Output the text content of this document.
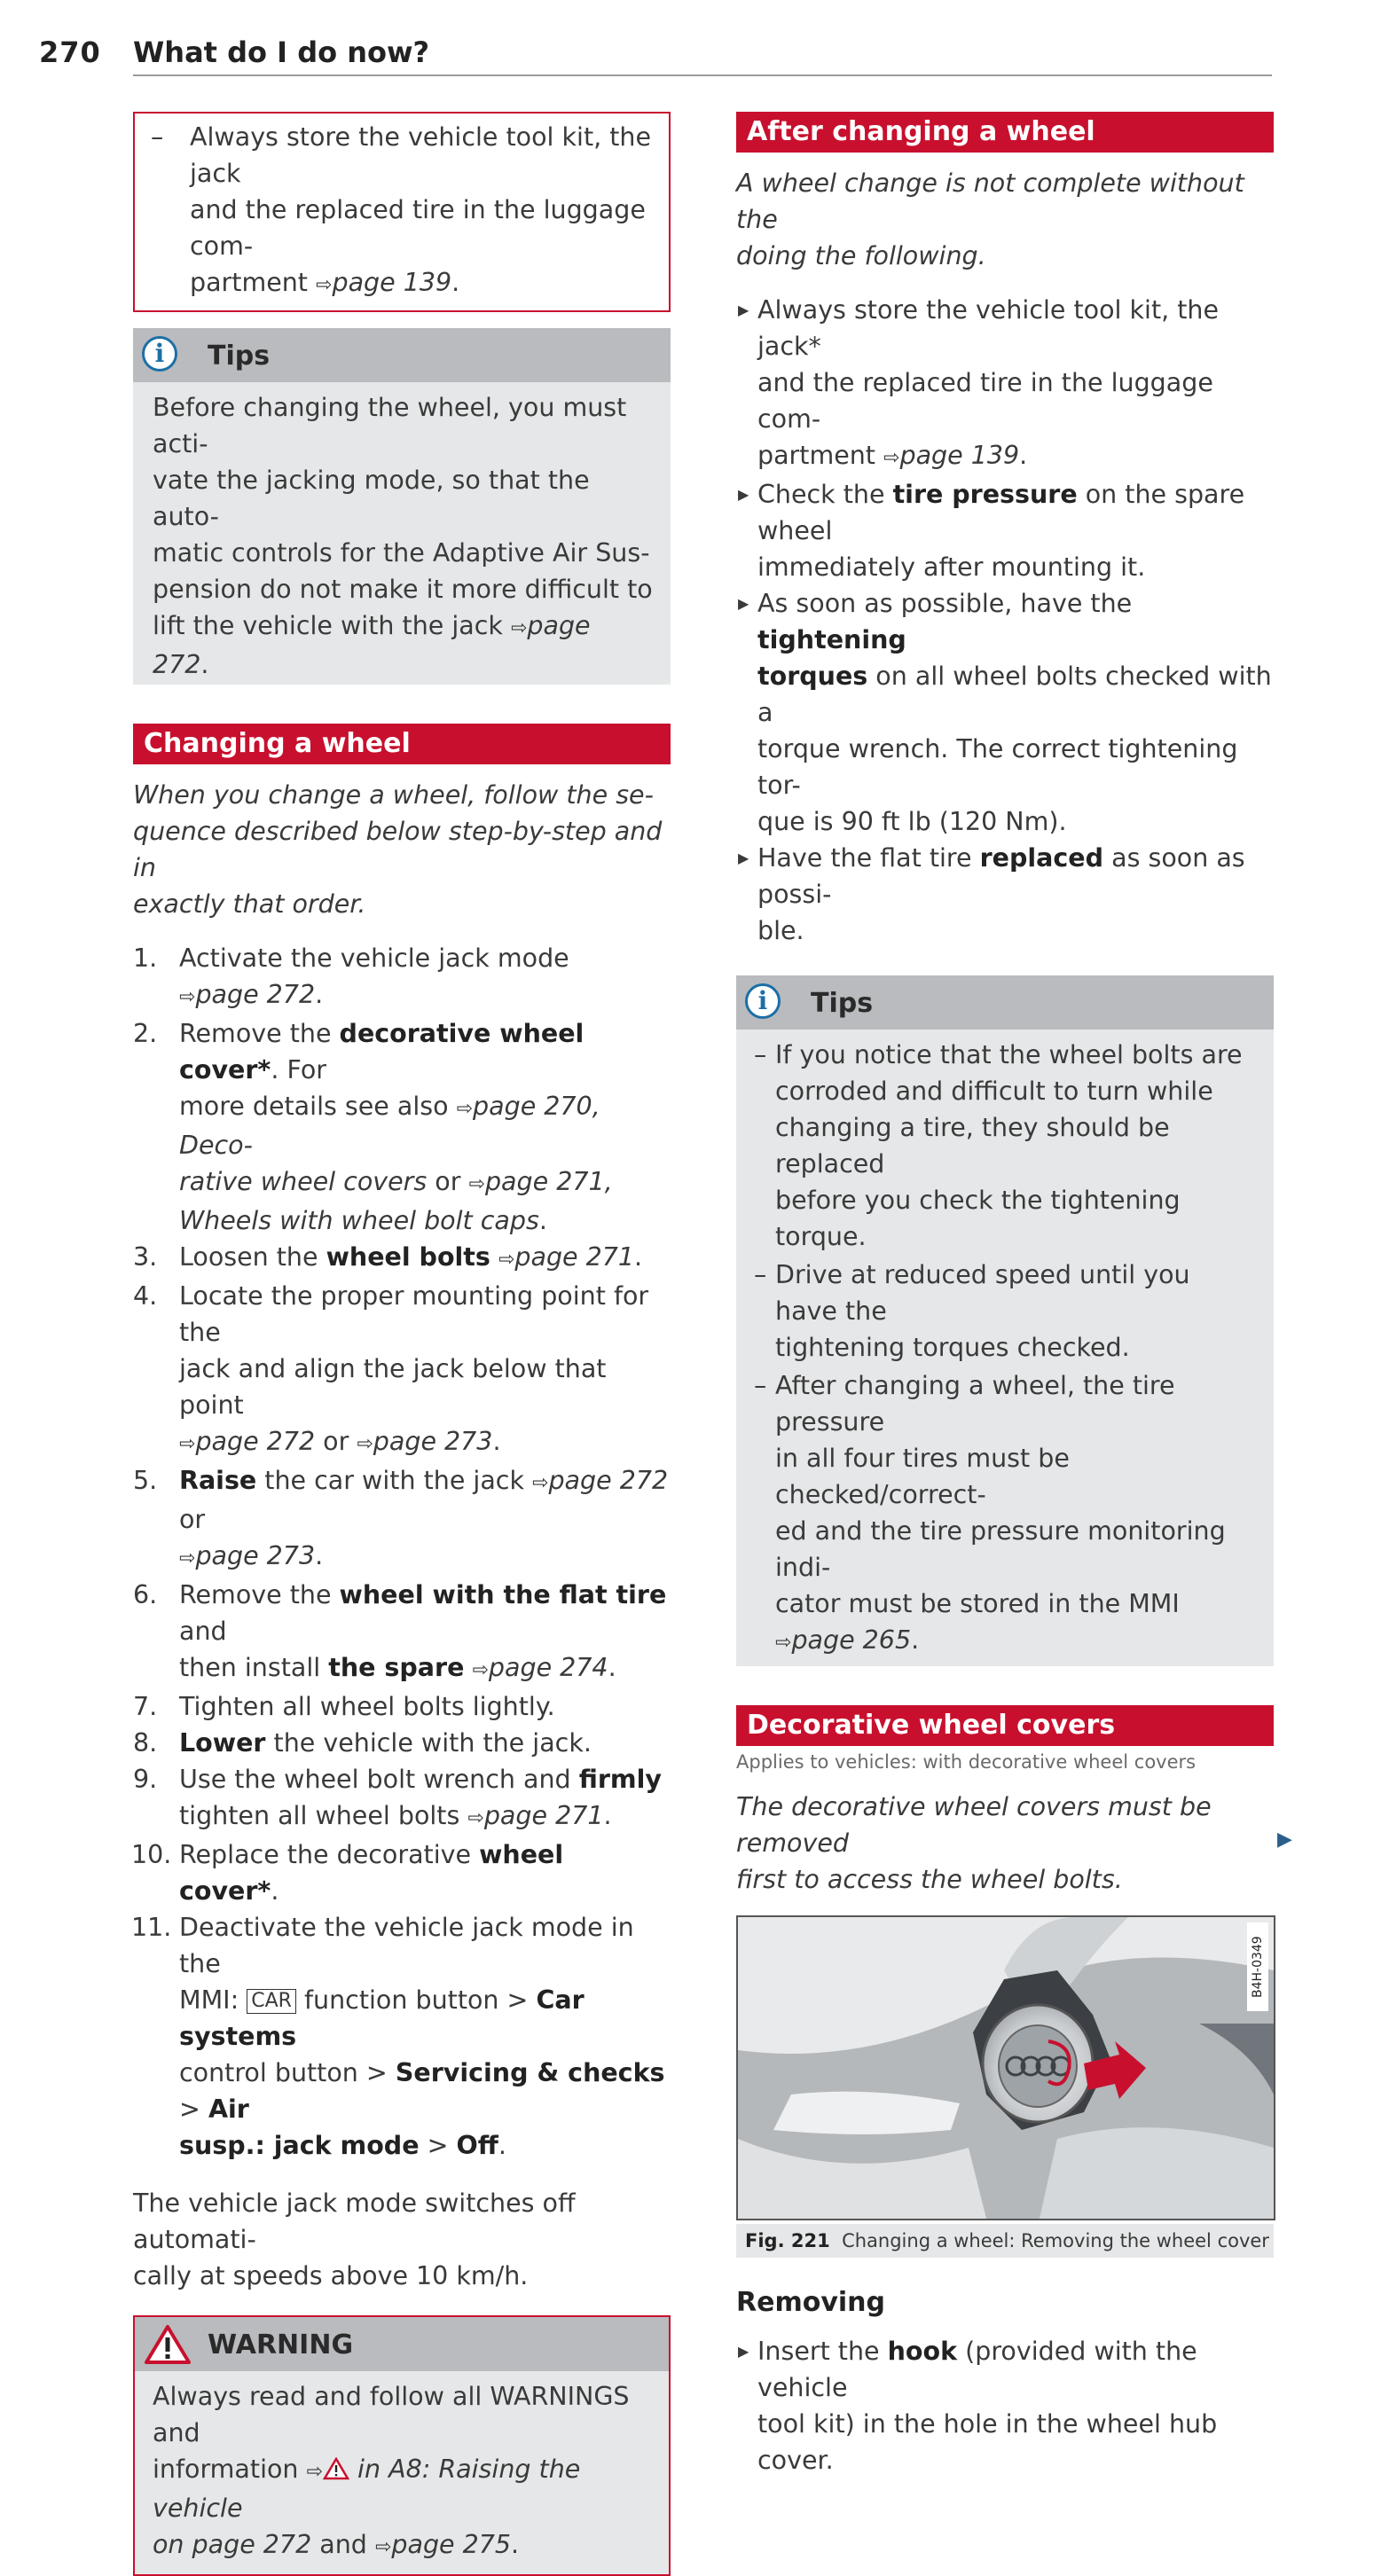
270 What do I do now?
– Always store the vehicle tool kit, the jack
and the replaced tire in the luggage com-
partment ⇨page 139.
i	Tips
Before changing the wheel, you must acti-
vate the jacking mode, so that the auto-
matic controls for the Adaptive Air Sus-
pension do not make it more difficult to
lift the vehicle with the jack ⇨page 272.
Changing a wheel
When you change a wheel, follow the se-
quence described below step-by-step and in
exactly that order.
1. Activate the vehicle jack mode
⇨page 272.
2. Remove the decorative wheel cover*. For
more details see also ⇨page 270, Deco-
rative wheel covers or ⇨page 271,
Wheels with wheel bolt caps.
3. Loosen the wheel bolts ⇨page 271.
4. Locate the proper mounting point for the
jack and align the jack below that point
⇨page 272 or ⇨page 273.
5. Raise the car with the jack ⇨page 272 or
⇨page 273.
6. Remove the wheel with the flat tire and
then install the spare ⇨page 274.
7. Tighten all wheel bolts lightly.
8. Lower the vehicle with the jack.
9. Use the wheel bolt wrench and firmly
tighten all wheel bolts ⇨page 271.
10. Replace the decorative wheel cover*.
11. Deactivate the vehicle jack mode in the
MMI: CAR function button > Car systems
control button > Servicing & checks > Air
susp.: jack mode > Off.
The vehicle jack mode switches off automati-
cally at speeds above 10 km/h.
WARNING
Always read and follow all WARNINGS and
information ⇨ in A8: Raising the vehicle
on page 272 and ⇨page 275.
After changing a wheel
A wheel change is not complete without the
doing the following.
▶ Always store the vehicle tool kit, the jack*
and the replaced tire in the luggage com-
partment ⇨page 139.
▶ Check the tire pressure on the spare wheel
immediately after mounting it.
▶ As soon as possible, have the tightening
torques on all wheel bolts checked with a
torque wrench. The correct tightening tor-
que is 90 ft lb (120 Nm).
▶ Have the flat tire replaced as soon as possi-
ble.
i	Tips
– If you notice that the wheel bolts are
corroded and difficult to turn while
changing a tire, they should be replaced
before you check the tightening torque.
– Drive at reduced speed until you have the
tightening torques checked.
– After changing a wheel, the tire pressure
in all four tires must be checked/correct-
ed and the tire pressure monitoring indi-
cator must be stored in the MMI
⇨page 265.
Decorative wheel covers
Applies to vehicles: with decorative wheel covers
The decorative wheel covers must be removed
first to access the wheel bolts.
B4H-0349
Fig. 221 Changing a wheel: Removing the wheel cover
Removing
▶ Insert the hook (provided with the vehicle
tool kit) in the hole in the wheel hub cover.
▶
